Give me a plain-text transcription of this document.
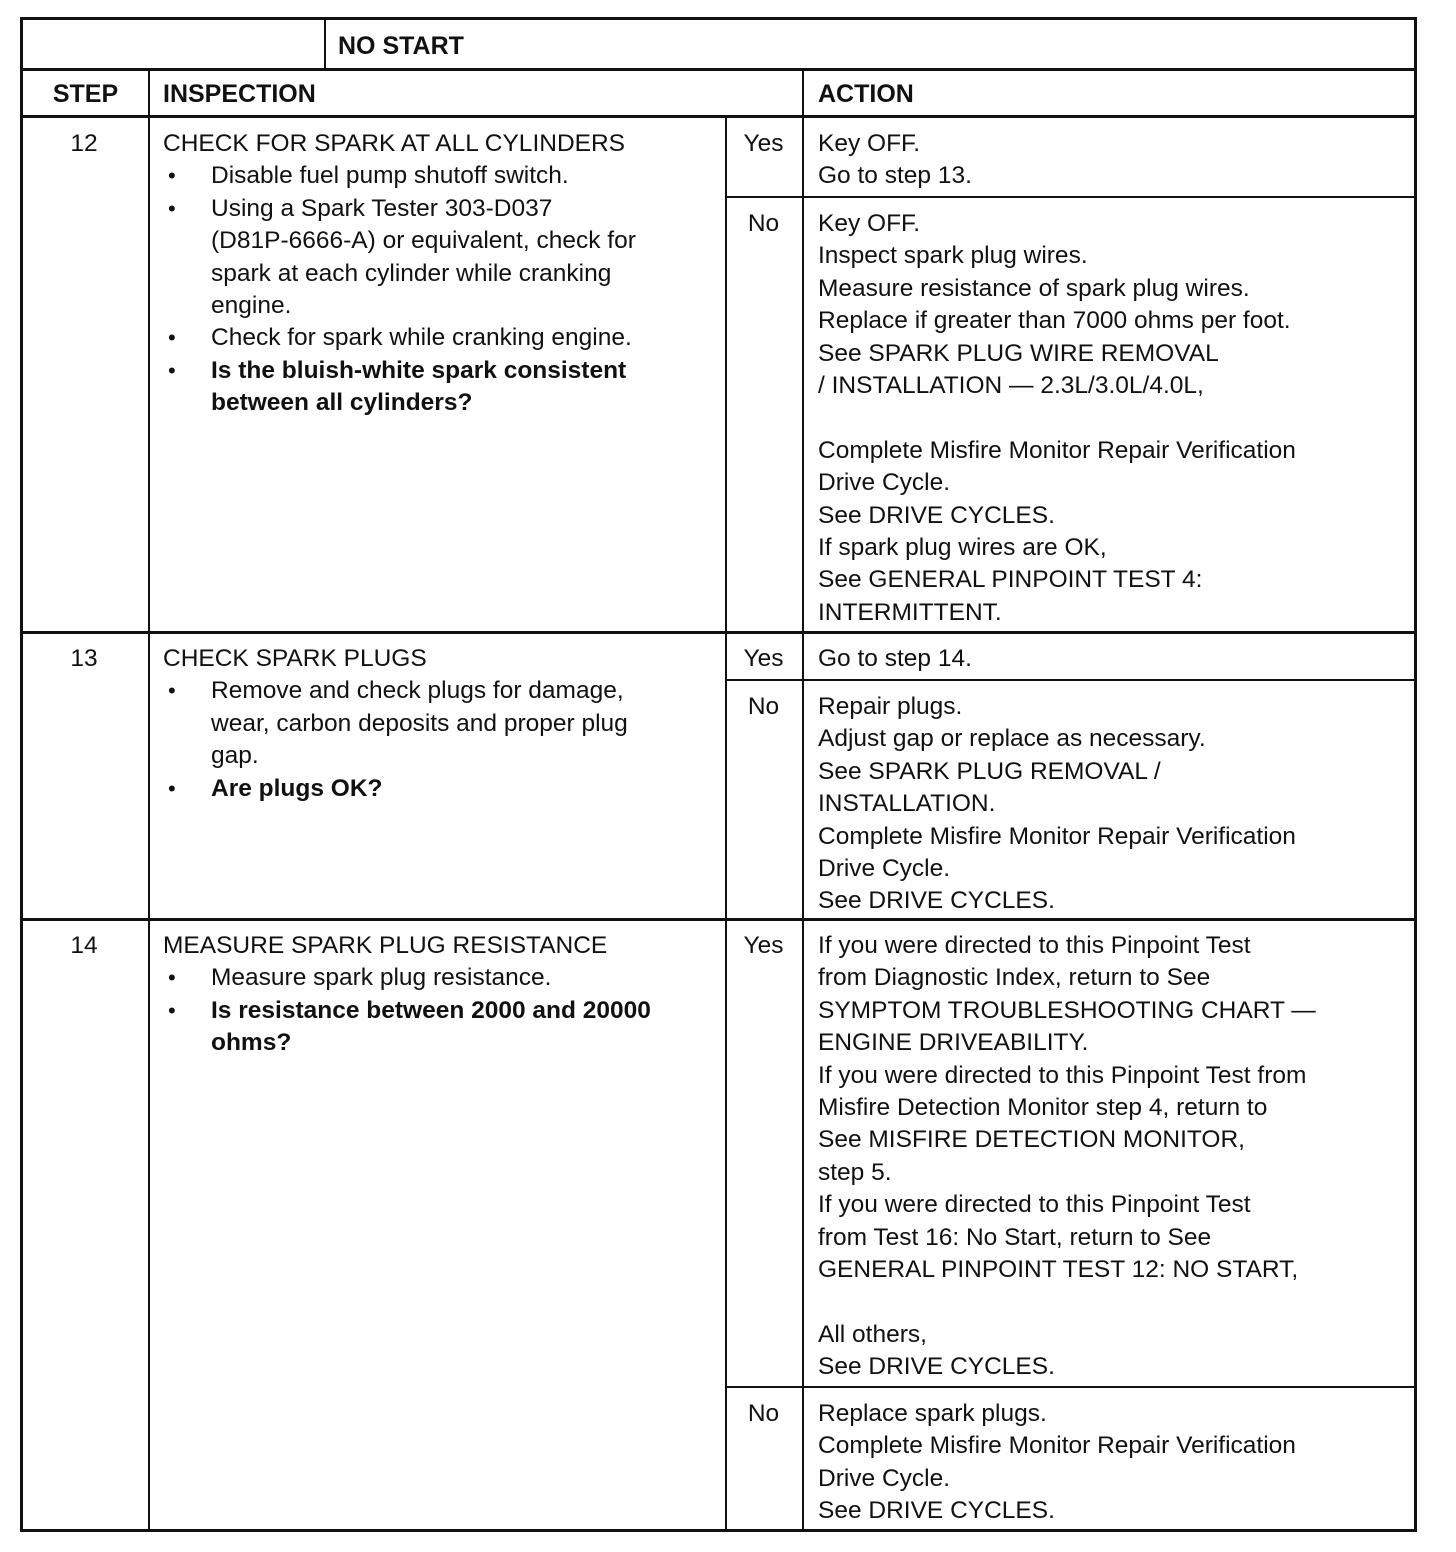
NO START
STEP	INSPECTION	ACTION
12	CHECK FOR SPARK AT ALL CYLINDERS
• Disable fuel pump shutoff switch.
• Using a Spark Tester 303-D037
(D81P-6666-A) or equivalent, check for
spark at each cylinder while cranking
engine.
• Check for spark while cranking engine.
• Is the bluish-white spark consistent
between all cylinders?
Yes	Key OFF.
Go to step 13.
No	Key OFF.
Inspect spark plug wires.
Measure resistance of spark plug wires.
Replace if greater than 7000 ohms per foot.
See SPARK PLUG WIRE REMOVAL
/ INSTALLATION — 2.3L/3.0L/4.0L,
Complete Misfire Monitor Repair Verification
Drive Cycle.
See DRIVE CYCLES.
If spark plug wires are OK,
See GENERAL PINPOINT TEST 4:
INTERMITTENT.
13	CHECK SPARK PLUGS
• Remove and check plugs for damage,
wear, carbon deposits and proper plug
gap.
• Are plugs OK?
Yes	Go to step 14.
No	Repair plugs.
Adjust gap or replace as necessary.
See SPARK PLUG REMOVAL /
INSTALLATION.
Complete Misfire Monitor Repair Verification
Drive Cycle.
See DRIVE CYCLES.
14	MEASURE SPARK PLUG RESISTANCE
• Measure spark plug resistance.
• Is resistance between 2000 and 20000
ohms?
Yes	If you were directed to this Pinpoint Test
from Diagnostic Index, return to See
SYMPTOM TROUBLESHOOTING CHART —
ENGINE DRIVEABILITY.
If you were directed to this Pinpoint Test from
Misfire Detection Monitor step 4, return to
See MISFIRE DETECTION MONITOR,
step 5.
If you were directed to this Pinpoint Test
from Test 16: No Start, return to See
GENERAL PINPOINT TEST 12: NO START,
All others,
See DRIVE CYCLES.
No	Replace spark plugs.
Complete Misfire Monitor Repair Verification
Drive Cycle.
See DRIVE CYCLES.
